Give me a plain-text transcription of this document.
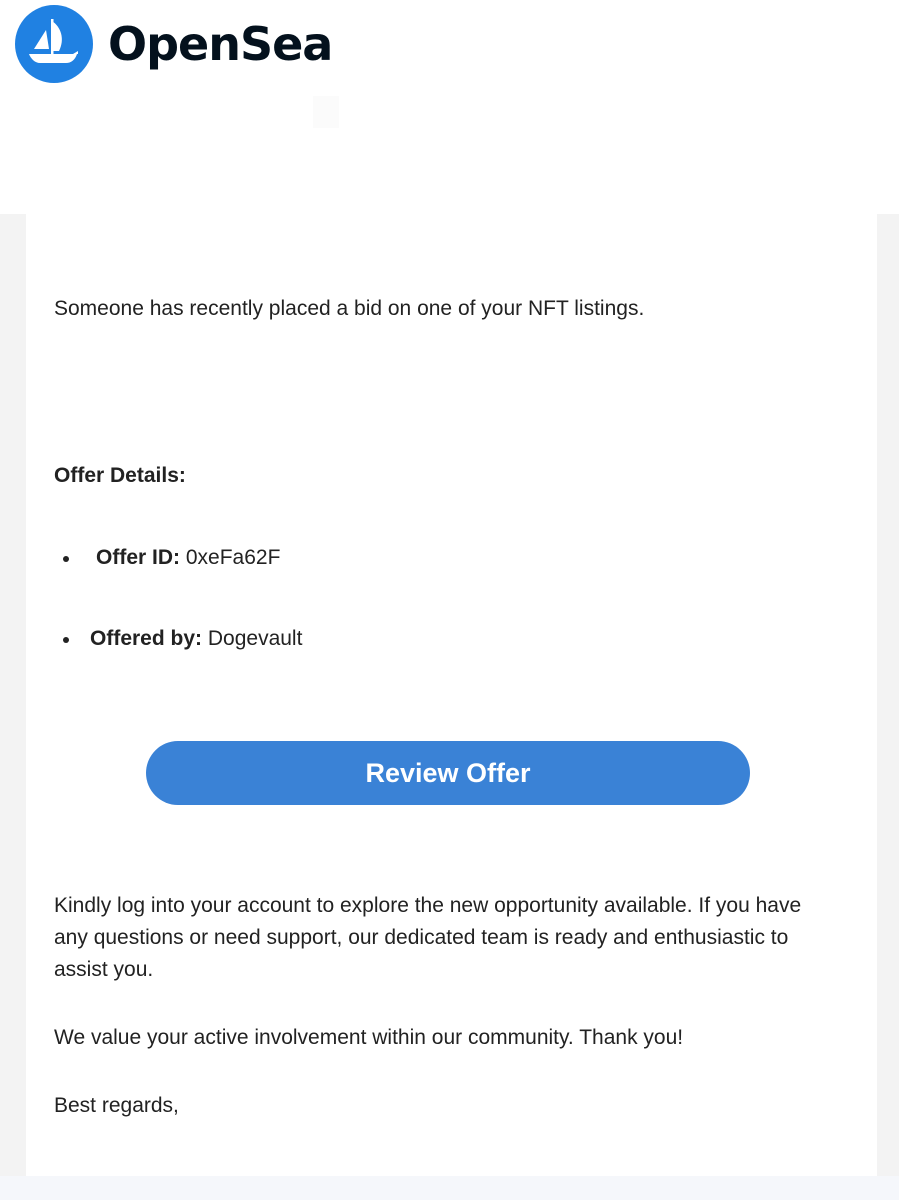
OpenSea
Someone has recently placed a bid on one of your NFT listings.
Offer Details:
Offer ID: 0xeFa62F
Offered by: Dogevault
Review Offer
Kindly log into your account to explore the new opportunity available. If you have any questions or need support, our dedicated team is ready and enthusiastic to assist you.
We value your active involvement within our community. Thank you!
Best regards,
